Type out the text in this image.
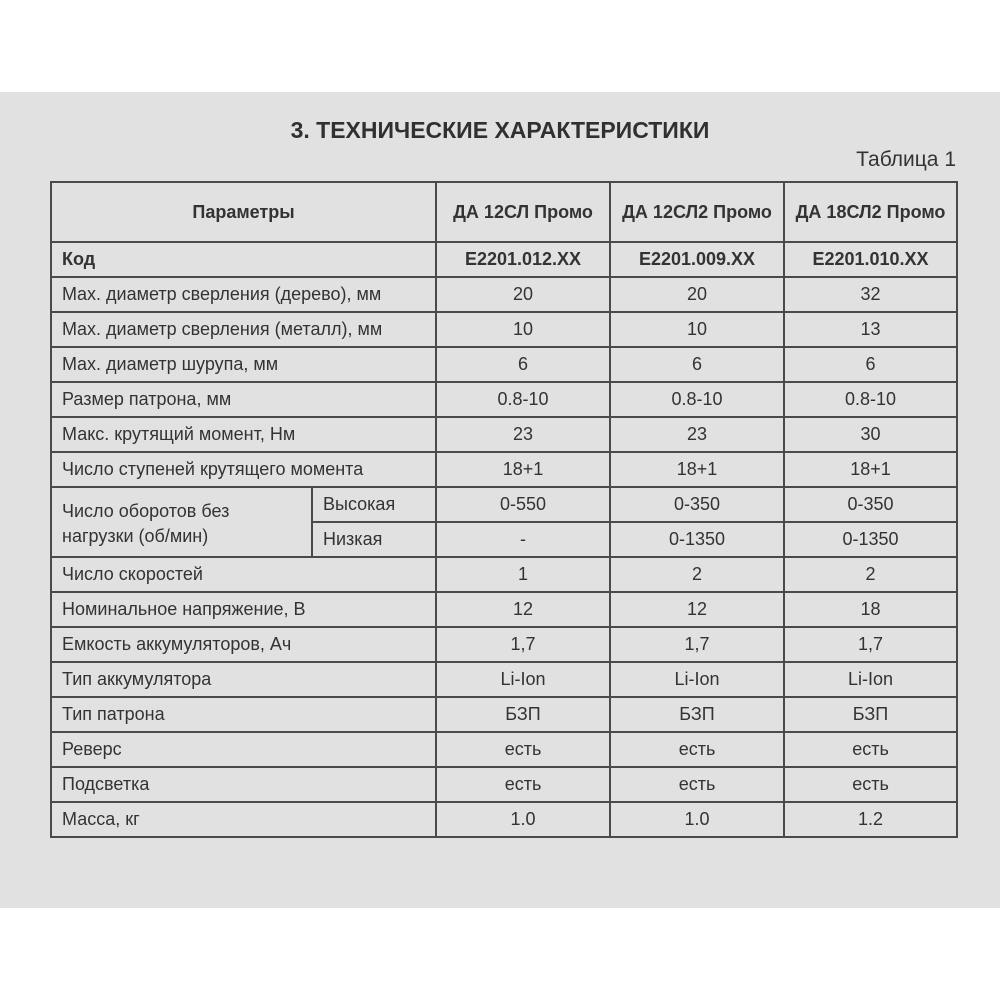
3. ТЕХНИЧЕСКИЕ ХАРАКТЕРИСТИКИ
Таблица 1
Параметры		ДА 12СЛ Промо	ДА 12СЛ2 Промо	ДА 18СЛ2 Промо
Код		E2201.012.XX	E2201.009.XX	E2201.010.XX
Max. диаметр сверления (дерево), мм		20	20	32
Max. диаметр сверления (металл), мм		10	10	13
Max. диаметр шурупа, мм		6	6	6
Размер патрона, мм		0.8-10	0.8-10	0.8-10
Макс. крутящий момент, Нм		23	23	30
Число ступеней крутящего момента		18+1	18+1	18+1
Число оборотов без нагрузки (об/мин)	Высокая	0-550	0-350	0-350
	Низкая	-	0-1350	0-1350
Число скоростей		1	2	2
Номинальное напряжение, В		12	12	18
Емкость аккумуляторов, Ач		1,7	1,7	1,7
Тип аккумулятора		Li-Ion	Li-Ion	Li-Ion
Тип патрона		БЗП	БЗП	БЗП
Реверс		есть	есть	есть
Подсветка		есть	есть	есть
Масса, кг		1.0	1.0	1.2
